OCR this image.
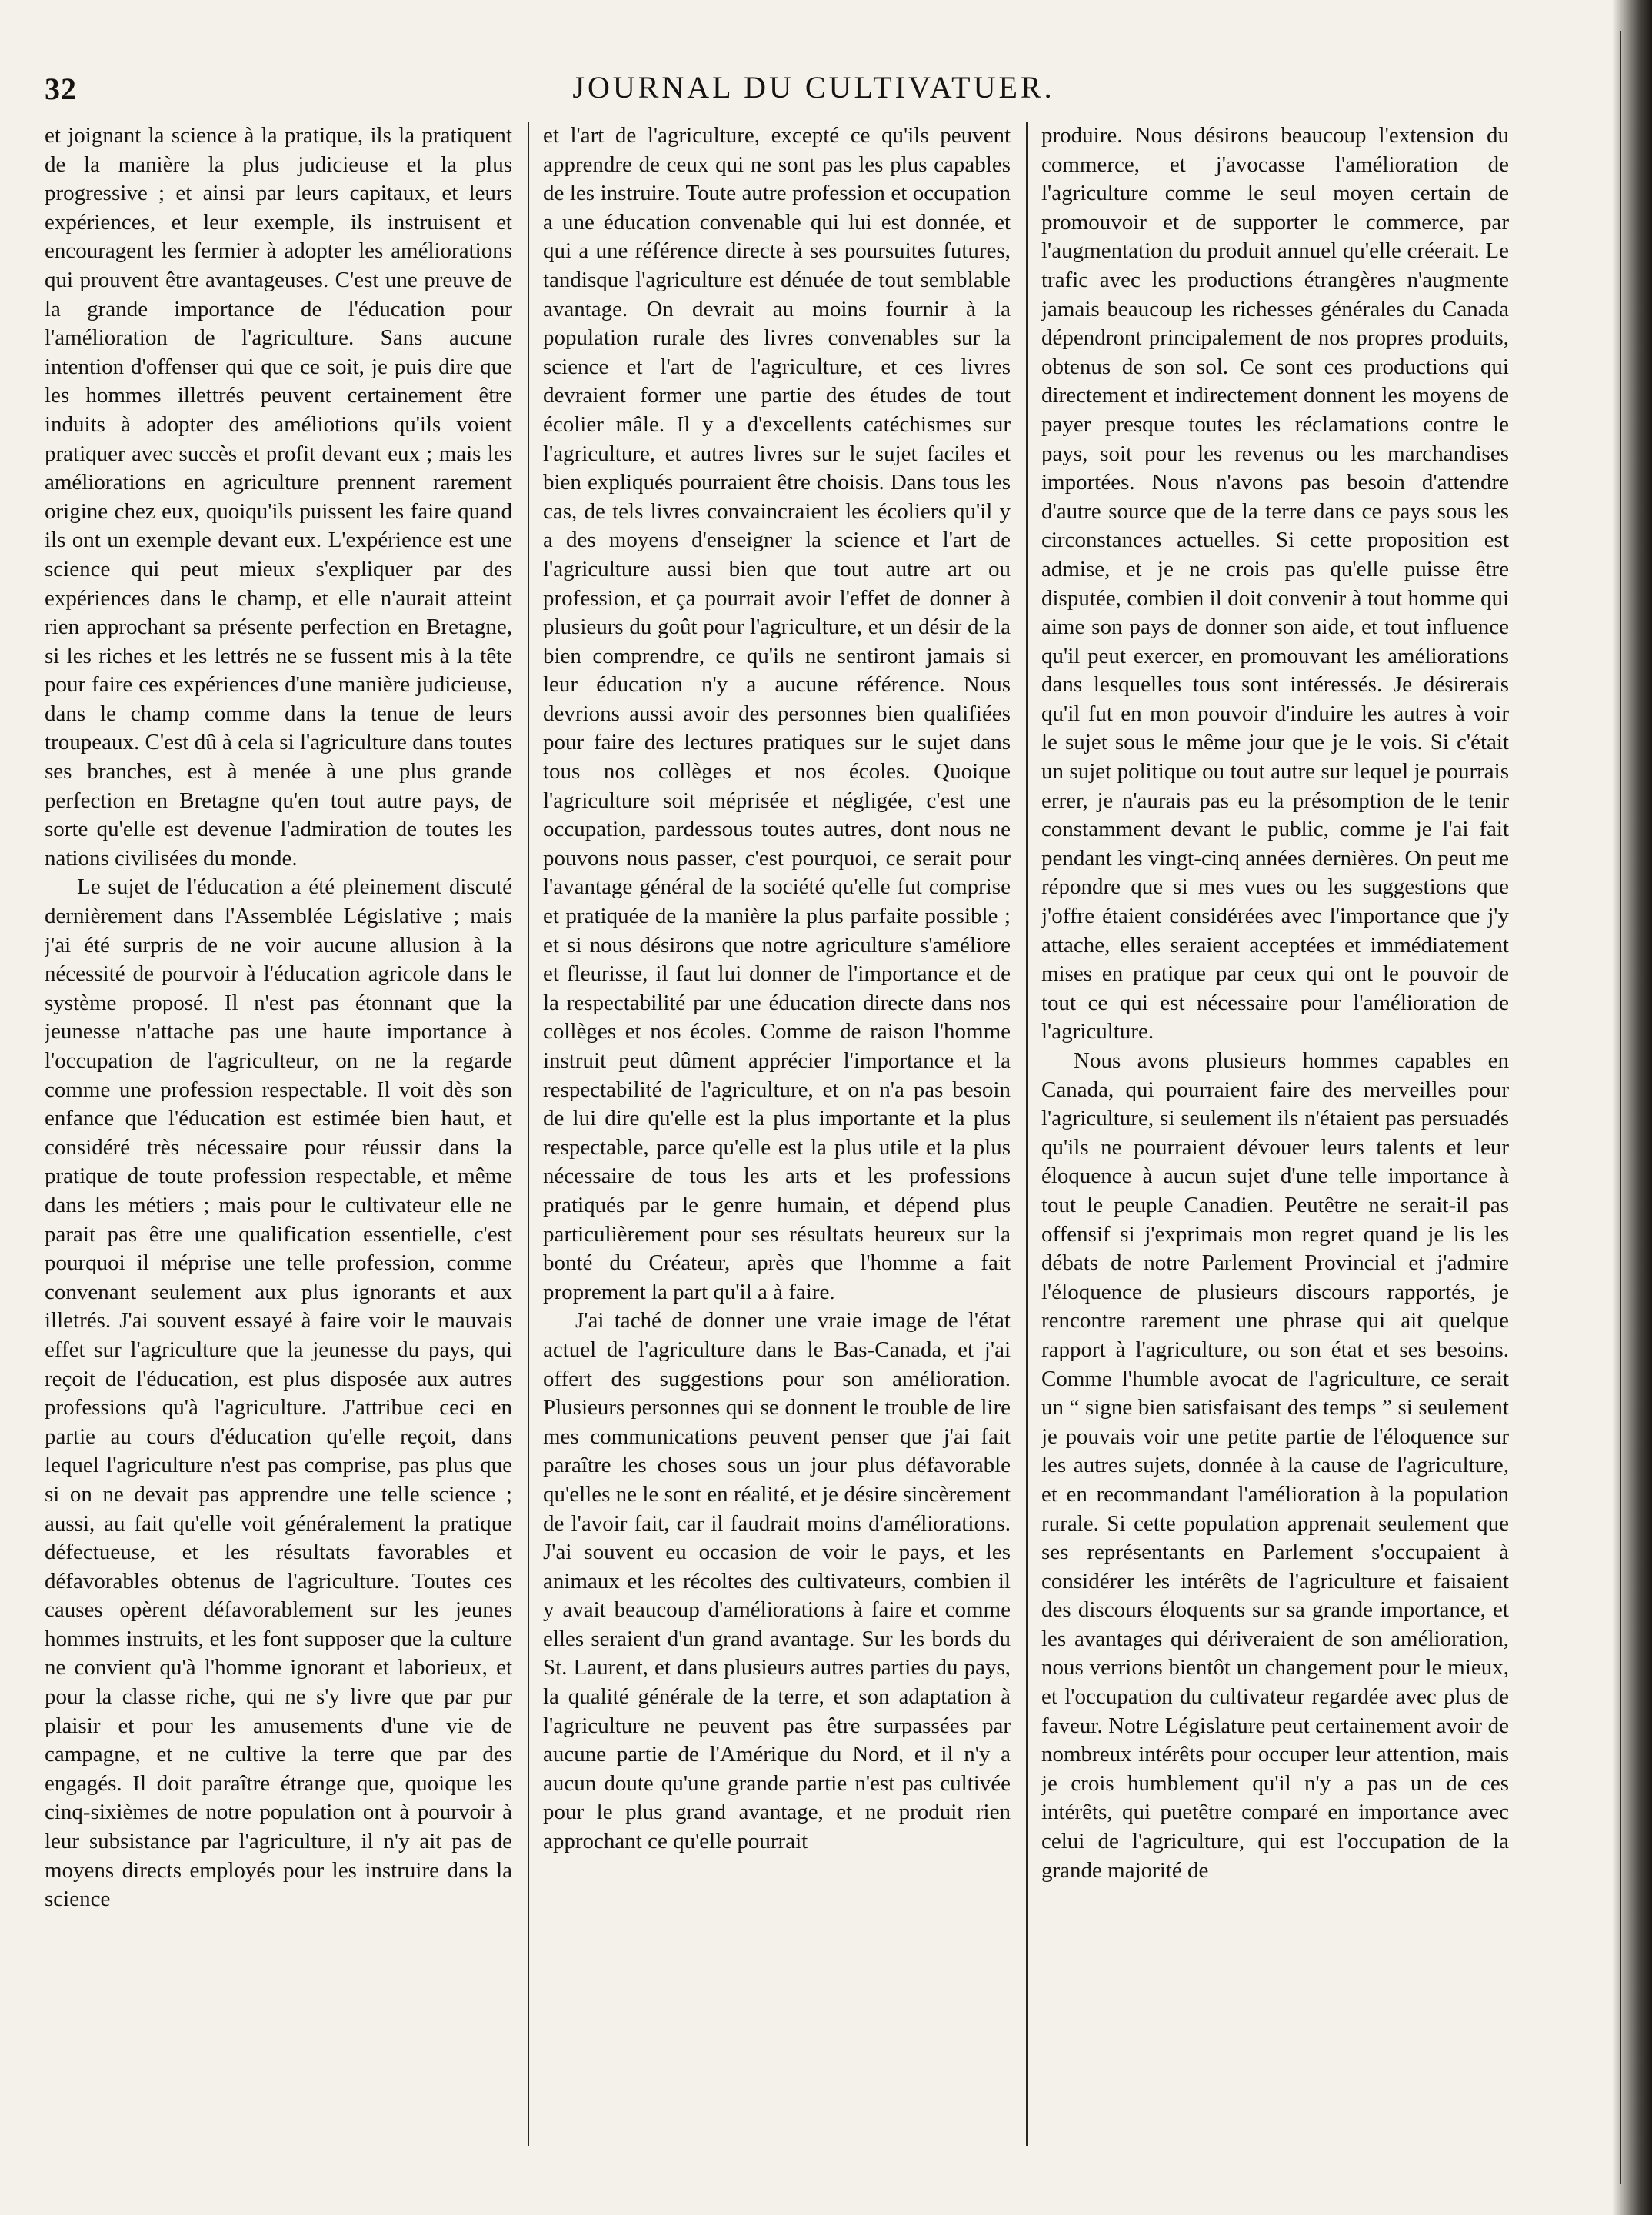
32	JOURNAL DU CULTIVATUER.

et joignant la science à la pratique, ils la pratiquent de la manière la plus judicieuse et la plus progressive ; et ainsi par leurs capitaux, et leurs expériences, et leur exemple, ils instruisent et encouragent les fermier à adopter les améliorations qui prouvent être avantageuses. C'est une preuve de la grande importance de l'éducation pour l'amélioration de l'agriculture. Sans aucune intention d'offenser qui que ce soit, je puis dire que les hommes illettrés peuvent certainement être induits à adopter des améliotions qu'ils voient pratiquer avec succès et profit devant eux ; mais les améliorations en agriculture prennent rarement origine chez eux, quoiqu'ils puissent les faire quand ils ont un exemple devant eux. L'expérience est une science qui peut mieux s'expliquer par des expériences dans le champ, et elle n'aurait atteint rien approchant sa présente perfection en Bretagne, si les riches et les lettrés ne se fussent mis à la tête pour faire ces expériences d'une manière judicieuse, dans le champ comme dans la tenue de leurs troupeaux. C'est dû à cela si l'agriculture dans toutes ses branches, est à menée à une plus grande perfection en Bretagne qu'en tout autre pays, de sorte qu'elle est devenue l'admiration de toutes les nations civilisées du monde.

Le sujet de l'éducation a été pleinement discuté dernièrement dans l'Assemblée Législative ; mais j'ai été surpris de ne voir aucune allusion à la nécessité de pourvoir à l'éducation agricole dans le système proposé. Il n'est pas étonnant que la jeunesse n'attache pas une haute importance à l'occupation de l'agriculteur, on ne la regarde comme une profession respectable. Il voit dès son enfance que l'éducation est estimée bien haut, et considéré très nécessaire pour réussir dans la pratique de toute profession respectable, et même dans les métiers ; mais pour le cultivateur elle ne parait pas être une qualification essentielle, c'est pourquoi il méprise une telle profession, comme convenant seulement aux plus ignorants et aux illetrés. J'ai souvent essayé à faire voir le mauvais effet sur l'agriculture que la jeunesse du pays, qui reçoit de l'éducation, est plus disposée aux autres professions qu'à l'agriculture. J'attribue ceci en partie au cours d'éducation qu'elle reçoit, dans lequel l'agriculture n'est pas comprise, pas plus que si on ne devait pas apprendre une telle science ; aussi, au fait qu'elle voit généralement la pratique défectueuse, et les résultats favorables et défavorables obtenus de l'agriculture. Toutes ces causes opèrent défavorablement sur les jeunes hommes instruits, et les font supposer que la culture ne convient qu'à l'homme ignorant et laborieux, et pour la classe riche, qui ne s'y livre que par pur plaisir et pour les amusements d'une vie de campagne, et ne cultive la terre que par des engagés. Il doit paraître étrange que, quoique les cinq-sixièmes de notre population ont à pourvoir à leur subsistance par l'agriculture, il n'y ait pas de moyens directs employés pour les instruire dans la science

et l'art de l'agriculture, excepté ce qu'ils peuvent apprendre de ceux qui ne sont pas les plus capables de les instruire. Toute autre profession et occupation a une éducation convenable qui lui est donnée, et qui a une référence directe à ses poursuites futures, tandisque l'agriculture est dénuée de tout semblable avantage. On devrait au moins fournir à la population rurale des livres convenables sur la science et l'art de l'agriculture, et ces livres devraient former une partie des études de tout écolier mâle. Il y a d'excellents catéchismes sur l'agriculture, et autres livres sur le sujet faciles et bien expliqués pourraient être choisis. Dans tous les cas, de tels livres convaincraient les écoliers qu'il y a des moyens d'enseigner la science et l'art de l'agriculture aussi bien que tout autre art ou profession, et ça pourrait avoir l'effet de donner à plusieurs du goût pour l'agriculture, et un désir de la bien comprendre, ce qu'ils ne sentiront jamais si leur éducation n'y a aucune référence. Nous devrions aussi avoir des personnes bien qualifiées pour faire des lectures pratiques sur le sujet dans tous nos collèges et nos écoles. Quoique l'agriculture soit méprisée et négligée, c'est une occupation, pardessous toutes autres, dont nous ne pouvons nous passer, c'est pourquoi, ce serait pour l'avantage général de la société qu'elle fut comprise et pratiquée de la manière la plus parfaite possible ; et si nous désirons que notre agriculture s'améliore et fleurisse, il faut lui donner de l'importance et de la respectabilité par une éducation directe dans nos collèges et nos écoles. Comme de raison l'homme instruit peut dûment apprécier l'importance et la respectabilité de l'agriculture, et on n'a pas besoin de lui dire qu'elle est la plus importante et la plus respectable, parce qu'elle est la plus utile et la plus nécessaire de tous les arts et les professions pratiqués par le genre humain, et dépend plus particulièrement pour ses résultats heureux sur la bonté du Créateur, après que l'homme a fait proprement la part qu'il a à faire.

J'ai taché de donner une vraie image de l'état actuel de l'agriculture dans le Bas-Canada, et j'ai offert des suggestions pour son amélioration. Plusieurs personnes qui se donnent le trouble de lire mes communications peuvent penser que j'ai fait paraître les choses sous un jour plus défavorable qu'elles ne le sont en réalité, et je désire sincèrement de l'avoir fait, car il faudrait moins d'améliorations. J'ai souvent eu occasion de voir le pays, et les animaux et les récoltes des cultivateurs, combien il y avait beaucoup d'améliorations à faire et comme elles seraient d'un grand avantage. Sur les bords du St. Laurent, et dans plusieurs autres parties du pays, la qualité générale de la terre, et son adaptation à l'agriculture ne peuvent pas être surpassées par aucune partie de l'Amérique du Nord, et il n'y a aucun doute qu'une grande partie n'est pas cultivée pour le plus grand avantage, et ne produit rien approchant ce qu'elle pourrait

produire. Nous désirons beaucoup l'extension du commerce, et j'avocasse l'amélioration de l'agriculture comme le seul moyen certain de promouvoir et de supporter le commerce, par l'augmentation du produit annuel qu'elle créerait. Le trafic avec les productions étrangères n'augmente jamais beaucoup les richesses générales du Canada dépendront principalement de nos propres produits, obtenus de son sol. Ce sont ces productions qui directement et indirectement donnent les moyens de payer presque toutes les réclamations contre le pays, soit pour les revenus ou les marchandises importées. Nous n'avons pas besoin d'attendre d'autre source que de la terre dans ce pays sous les circonstances actuelles. Si cette proposition est admise, et je ne crois pas qu'elle puisse être disputée, combien il doit convenir à tout homme qui aime son pays de donner son aide, et tout influence qu'il peut exercer, en promouvant les améliorations dans lesquelles tous sont intéressés. Je désirerais qu'il fut en mon pouvoir d'induire les autres à voir le sujet sous le même jour que je le vois. Si c'était un sujet politique ou tout autre sur lequel je pourrais errer, je n'aurais pas eu la présomption de le tenir constamment devant le public, comme je l'ai fait pendant les vingt-cinq années dernières. On peut me répondre que si mes vues ou les suggestions que j'offre étaient considérées avec l'importance que j'y attache, elles seraient acceptées et immédiatement mises en pratique par ceux qui ont le pouvoir de tout ce qui est nécessaire pour l'amélioration de l'agriculture.

Nous avons plusieurs hommes capables en Canada, qui pourraient faire des merveilles pour l'agriculture, si seulement ils n'étaient pas persuadés qu'ils ne pourraient dévouer leurs talents et leur éloquence à aucun sujet d'une telle importance à tout le peuple Canadien. Peutêtre ne serait-il pas offensif si j'exprimais mon regret quand je lis les débats de notre Parlement Provincial et j'admire l'éloquence de plusieurs discours rapportés, je rencontre rarement une phrase qui ait quelque rapport à l'agriculture, ou son état et ses besoins. Comme l'humble avocat de l'agriculture, ce serait un “ signe bien satisfaisant des temps ” si seulement je pouvais voir une petite partie de l'éloquence sur les autres sujets, donnée à la cause de l'agriculture, et en recommandant l'amélioration à la population rurale. Si cette population apprenait seulement que ses représentants en Parlement s'occupaient à considérer les intérêts de l'agriculture et faisaient des discours éloquents sur sa grande importance, et les avantages qui dériveraient de son amélioration, nous verrions bientôt un changement pour le mieux, et l'occupation du cultivateur regardée avec plus de faveur. Notre Législature peut certainement avoir de nombreux intérêts pour occuper leur attention, mais je crois humblement qu'il n'y a pas un de ces intérêts, qui puetêtre comparé en importance avec celui de l'agriculture, qui est l'occupation de la grande majorité de
